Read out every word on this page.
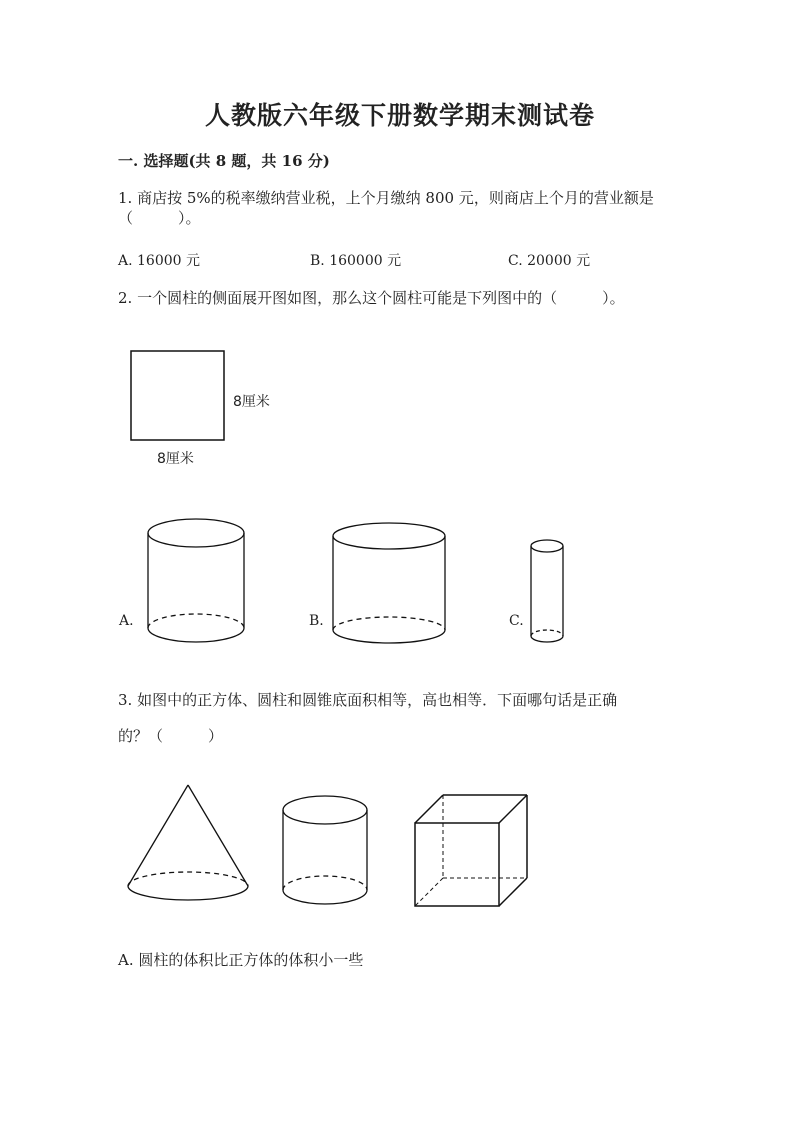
人教版六年级下册数学期末测试卷
一. 选择题(共 8 题，共 16 分)
1. 商店按 5%的税率缴纳营业税，上个月缴纳 800 元，则商店上个月的营业额是
（　　　）。
A. 16000 元	B. 160000 元	C. 20000 元
2. 一个圆柱的侧面展开图如图，那么这个圆柱可能是下列图中的（　　　）。
8厘米
8厘米
A.	B.	C.
3. 如图中的正方体、圆柱和圆锥底面积相等，高也相等．下面哪句话是正确
的？（　　　）
A. 圆柱的体积比正方体的体积小一些
